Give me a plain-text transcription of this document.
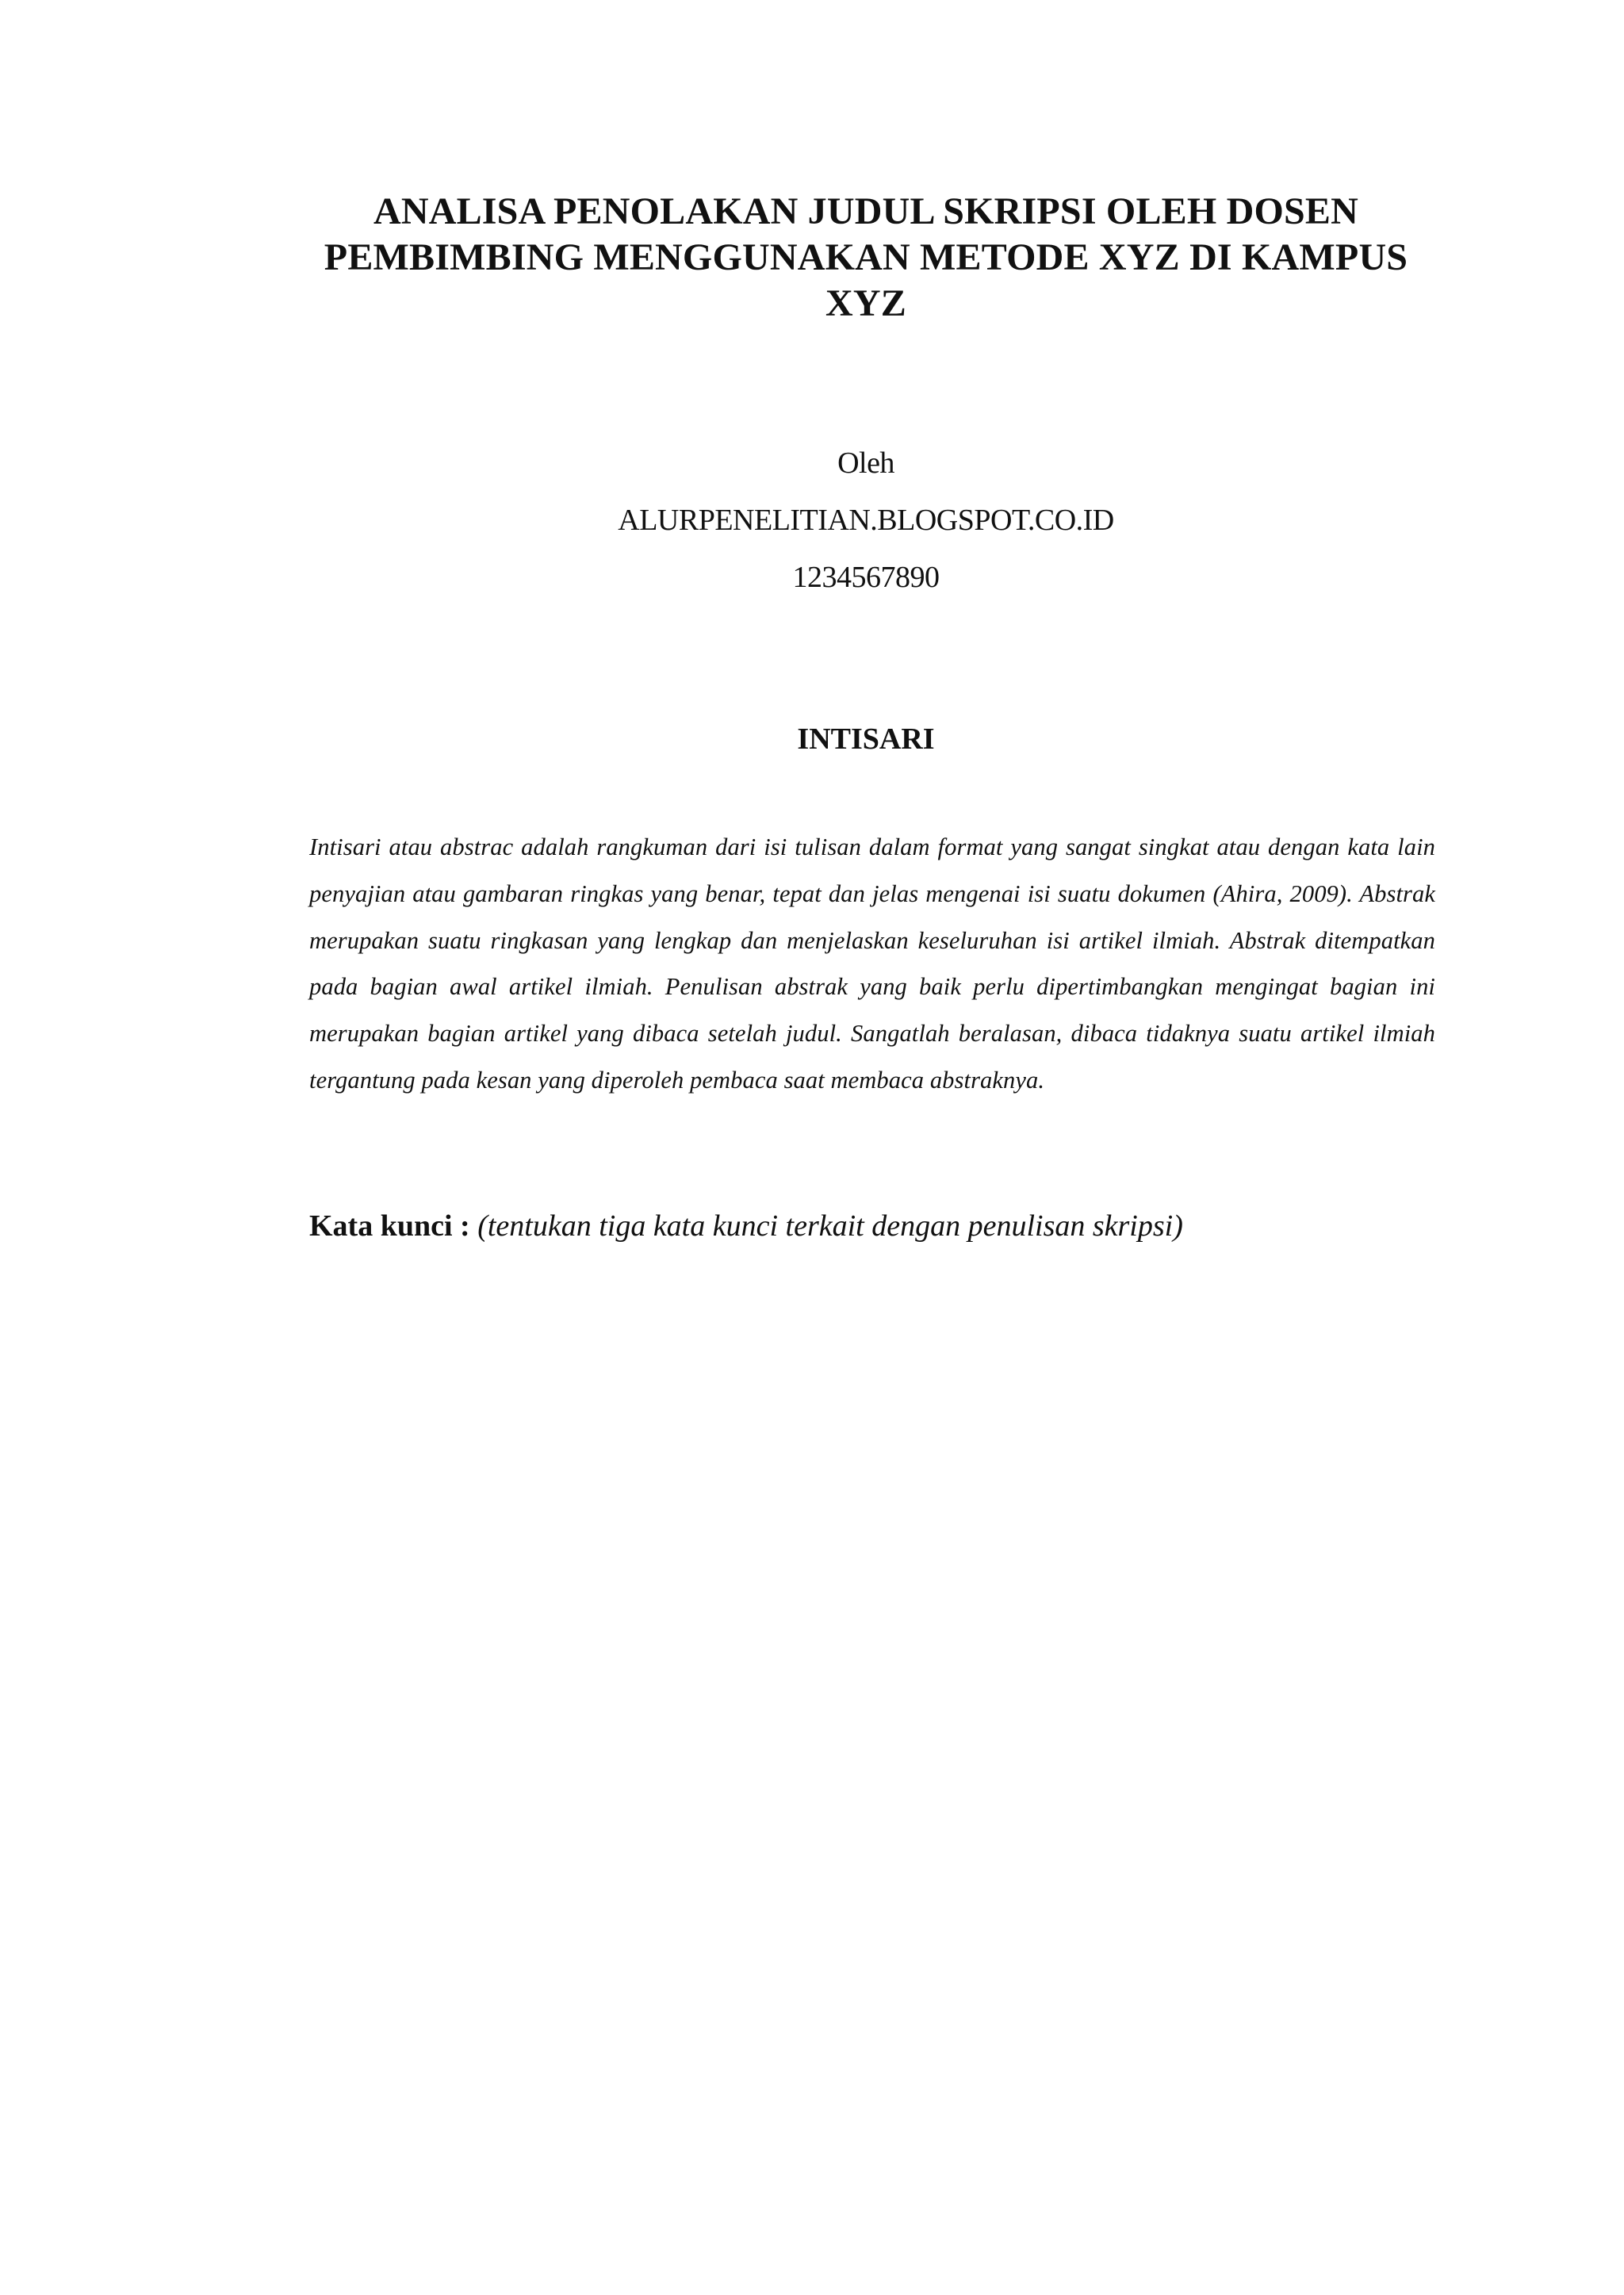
ANALISA PENOLAKAN JUDUL SKRIPSI OLEH DOSEN PEMBIMBING MENGGUNAKAN METODE XYZ DI KAMPUS XYZ
Oleh
ALURPENELITIAN.BLOGSPOT.CO.ID
1234567890
INTISARI

Intisari atau abstrac adalah rangkuman dari isi tulisan dalam format yang sangat singkat atau dengan kata lain penyajian atau gambaran ringkas yang benar, tepat dan jelas mengenai isi suatu dokumen (Ahira, 2009). Abstrak merupakan suatu ringkasan yang lengkap dan menjelaskan keseluruhan isi artikel ilmiah. Abstrak ditempatkan pada bagian awal artikel ilmiah. Penulisan abstrak yang baik perlu dipertimbangkan mengingat bagian ini merupakan bagian artikel yang dibaca setelah judul. Sangatlah beralasan, dibaca tidaknya suatu artikel ilmiah tergantung pada kesan yang diperoleh pembaca saat membaca abstraknya.

Kata kunci : (tentukan tiga kata kunci terkait dengan penulisan skripsi)
